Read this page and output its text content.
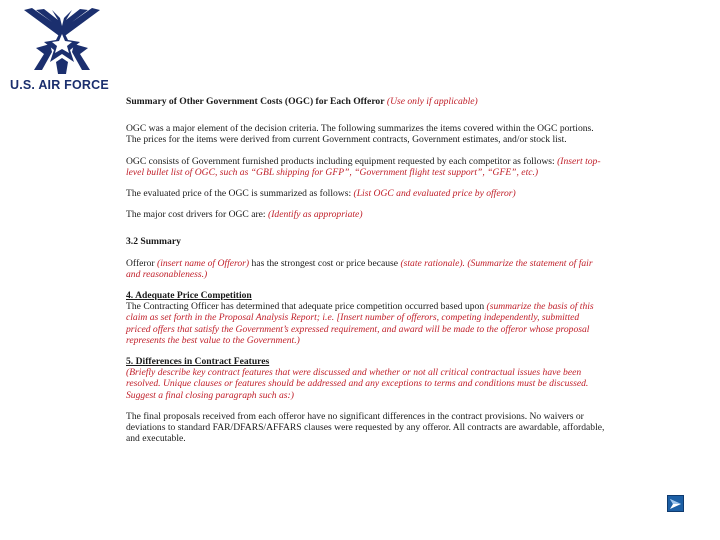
U.S. AIR FORCE

Summary of Other Government Costs (OGC) for Each Offeror (Use only if applicable)

OGC was a major element of the decision criteria. The following summarizes the items covered within the OGC portions. The prices for the items were derived from current Government contracts, Government estimates, and/or stock list.

OGC consists of Government furnished products including equipment requested by each competitor as follows: (Insert top-level bullet list of OGC, such as “GBL shipping for GFP”, “Government flight test support”, “GFE”, etc.)

The evaluated price of the OGC is summarized as follows: (List OGC and evaluated price by offeror)

The major cost drivers for OGC are: (Identify as appropriate)

3.2 Summary

Offeror (insert name of Offeror) has the strongest cost or price because (state rationale). (Summarize the statement of fair and reasonableness.)

4. Adequate Price Competition

The Contracting Officer has determined that adequate price competition occurred based upon (summarize the basis of this claim as set forth in the Proposal Analysis Report; i.e. [Insert number of offerors, competing independently, submitted priced offers that satisfy the Government’s expressed requirement, and award will be made to the offeror whose proposal represents the best value to the Government.)

5. Differences in Contract Features

(Briefly describe key contract features that were discussed and whether or not all critical contractual issues have been resolved. Unique clauses or features should be addressed and any exceptions to terms and conditions must be discussed. Suggest a final closing paragraph such as:)

The final proposals received from each offeror have no significant differences in the contract provisions. No waivers or deviations to standard FAR/DFARS/AFFARS clauses were requested by any offeror. All contracts are awardable, affordable, and executable.
